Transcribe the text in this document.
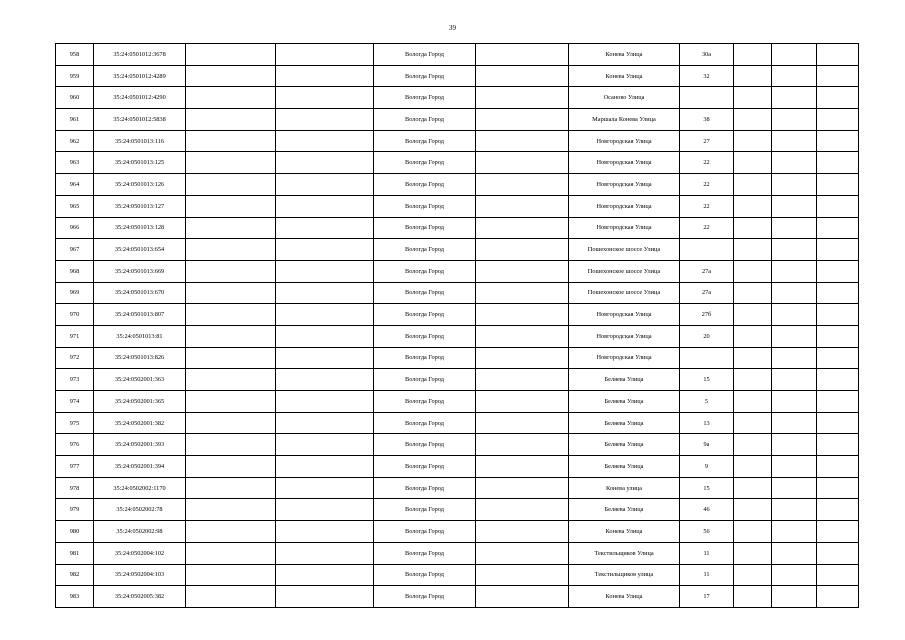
39
958	35:24:0501012:3678			Вологда Город		Конева Улица	30а			
959	35:24:0501012:4289			Вологда Город		Конева Улица	32			
960	35:24:0501012:4290			Вологда Город		Осаново Улица				
961	35:24:0501012:5838			Вологда Город		Маршала Конева Улица	38			
962	35:24:0501013:116			Вологда Город		Новгородская Улица	27			
963	35:24:0501013:125			Вологда Город		Новгородская Улица	22			
964	35:24:0501013:126			Вологда Город		Новгородская Улица	22			
965	35:24:0501013:127			Вологда Город		Новгородская Улица	22			
966	35:24:0501013:128			Вологда Город		Новгородская Улица	22			
967	35:24:0501013:654			Вологда Город		Пошехонское шоссе Улица				
968	35:24:0501013:669			Вологда Город		Пошехонское шоссе Улица	27а			
969	35:24:0501013:670			Вологда Город		Пошехонское шоссе Улица	27а			
970	35:24:0501013:807			Вологда Город		Новгородская Улица	27б			
971	35:24:0501013:81			Вологда Город		Новгородская Улица	20			
972	35:24:0501013:826			Вологда Город		Новгородская Улица				
973	35:24:0502001:363			Вологда Город		Беляева Улица	15			
974	35:24:0502001:365			Вологда Город		Беляева Улица	5			
975	35:24:0502001:382			Вологда Город		Беляева Улица	13			
976	35:24:0502001:393			Вологда Город		Беляева Улица	9а			
977	35:24:0502001:394			Вологда Город		Беляева Улица	9			
978	35:24:0502002:1170			Вологда Город		Конева улица	15			
979	35:24:0502002:78			Вологда Город		Беляева Улица	46			
980	35:24:0502002:98			Вологда Город		Конева Улица	56			
981	35:24:0502004:102			Вологда Город		Текстильщиков Улица	11			
982	35:24:0502004:103			Вологда Город		Текстильщиков улица	11			
983	35:24:0502005:382			Вологда Город		Конева Улица	17			
